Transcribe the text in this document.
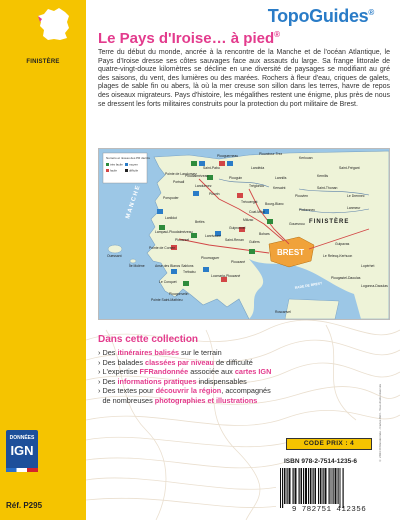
FINISTÈRE
DONNÉES
IGN
Réf. P295
TopoGuides®
Le Pays d'Iroise… à pied®

Terre du début du monde, ancrée à la rencontre de la Manche et de l'océan Atlantique, le Pays d'Iroise dresse ses côtes sauvages face aux assauts du large. Sa frange littorale de quatre-vingt-douze kilomètres se décline en une diversité de paysages se modifiant au gré des saisons, du vent, des lumières ou des marées. Rochers à fleur d'eau, criques de galets, plages de sable fin ou abers, là où la mer creuse son sillon dans les terres, havre de repos des oiseaux migrateurs. Pays d'histoire, les mégalithes restent une énigme, plus près de nous se dressent les forts militaires construits pour la protection du port militaire de Brest.

Numéro et niveau des PR décrits
très facile moyen
facile	difficile
M A N C H E
FINISTÈRE
BREST
RADE DE BREST
Plouguerneau
Landéda
Kerlouan
Plounéour-Trez
Saint-Frégant
Lannilis	Kernilis
Plouvien	Le Drennec
Tréglonou
Saint-Pabu
Landunvez
Plourin
Tréouergat
Porspoder
Lanildut
Lampaul-Ploudalmézeau
Brélès
Bourg-Blanc
Coat-Méal	Plabennec
Milizac
Lanrivoaré
Saint-Renan
Guipronvel
Plouarzel
Locmaria-Plouzané
Plouzané
Le Conquet
Plougonvelin
Ploumoguer
Trébabu
Guilers
Gouesnou
Guipavas
Le Relecq-Kerhuon
Plougastel-Daoulas
Lopérhet
Logonna-Daoulas
Roscanvel
Ouessant
Île Molène
Pointe de Corsen
Pointe Saint-Mathieu
Anse des Blancs Sablons
Ploudalmézeau
Portsall
Saint-Thonan
Lanmeur
Bohars
Pointe de Landunvez
Plouguin
Kersaint
Dans cette collection
› Des itinéraires balisés sur le terrain
› Des balades classées par niveau de difficulté
› L'expertise FFRandonnée associée aux cartes IGN
› Des informations pratiques indispensables
› Des textes pour découvrir la région, accompagnés
de nombreuses photographies et illustrations
CODE PRIX : 4
ISBN 978-2-7514-1235-6
9 782751 412356
© 2023 FFRandonnée - Cartes IGN - Tous droits réservés
